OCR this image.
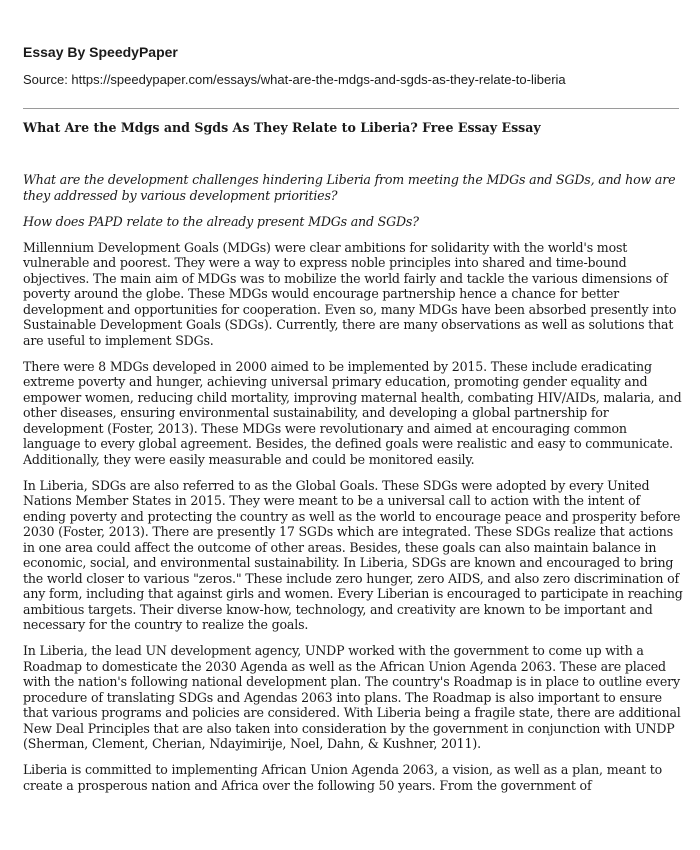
Essay By SpeedyPaper

Source: https://speedypaper.com/essays/what-are-the-mdgs-and-sgds-as-they-relate-to-liberia

What Are the Mdgs and Sgds As They Relate to Liberia? Free Essay Essay

What are the development challenges hindering Liberia from meeting the MDGs and SGDs, and how are they addressed by various development priorities?

How does PAPD relate to the already present MDGs and SGDs?

Millennium Development Goals (MDGs) were clear ambitions for solidarity with the world's most vulnerable and poorest. They were a way to express noble principles into shared and time-bound objectives. The main aim of MDGs was to mobilize the world fairly and tackle the various dimensions of poverty around the globe. These MDGs would encourage partnership hence a chance for better development and opportunities for cooperation. Even so, many MDGs have been absorbed presently into Sustainable Development Goals (SDGs). Currently, there are many observations as well as solutions that are useful to implement SDGs.

There were 8 MDGs developed in 2000 aimed to be implemented by 2015. These include eradicating extreme poverty and hunger, achieving universal primary education, promoting gender equality and empower women, reducing child mortality, improving maternal health, combating HIV/AIDs, malaria, and other diseases, ensuring environmental sustainability, and developing a global partnership for development (Foster, 2013). These MDGs were revolutionary and aimed at encouraging common language to every global agreement. Besides, the defined goals were realistic and easy to communicate. Additionally, they were easily measurable and could be monitored easily.

In Liberia, SDGs are also referred to as the Global Goals. These SDGs were adopted by every United Nations Member States in 2015. They were meant to be a universal call to action with the intent of ending poverty and protecting the country as well as the world to encourage peace and prosperity before 2030 (Foster, 2013). There are presently 17 SGDs which are integrated. These SDGs realize that actions in one area could affect the outcome of other areas. Besides, these goals can also maintain balance in economic, social, and environmental sustainability. In Liberia, SDGs are known and encouraged to bring the world closer to various "zeros." These include zero hunger, zero AIDS, and also zero discrimination of any form, including that against girls and women. Every Liberian is encouraged to participate in reaching ambitious targets. Their diverse know-how, technology, and creativity are known to be important and necessary for the country to realize the goals.

In Liberia, the lead UN development agency, UNDP worked with the government to come up with a Roadmap to domesticate the 2030 Agenda as well as the African Union Agenda 2063. These are placed with the nation's following national development plan. The country's Roadmap is in place to outline every procedure of translating SDGs and Agendas 2063 into plans. The Roadmap is also important to ensure that various programs and policies are considered. With Liberia being a fragile state, there are additional New Deal Principles that are also taken into consideration by the government in conjunction with UNDP (Sherman, Clement, Cherian, Ndayimirije, Noel, Dahn, & Kushner, 2011).

Liberia is committed to implementing African Union Agenda 2063, a vision, as well as a plan, meant to create a prosperous nation and Africa over the following 50 years. From the government of
